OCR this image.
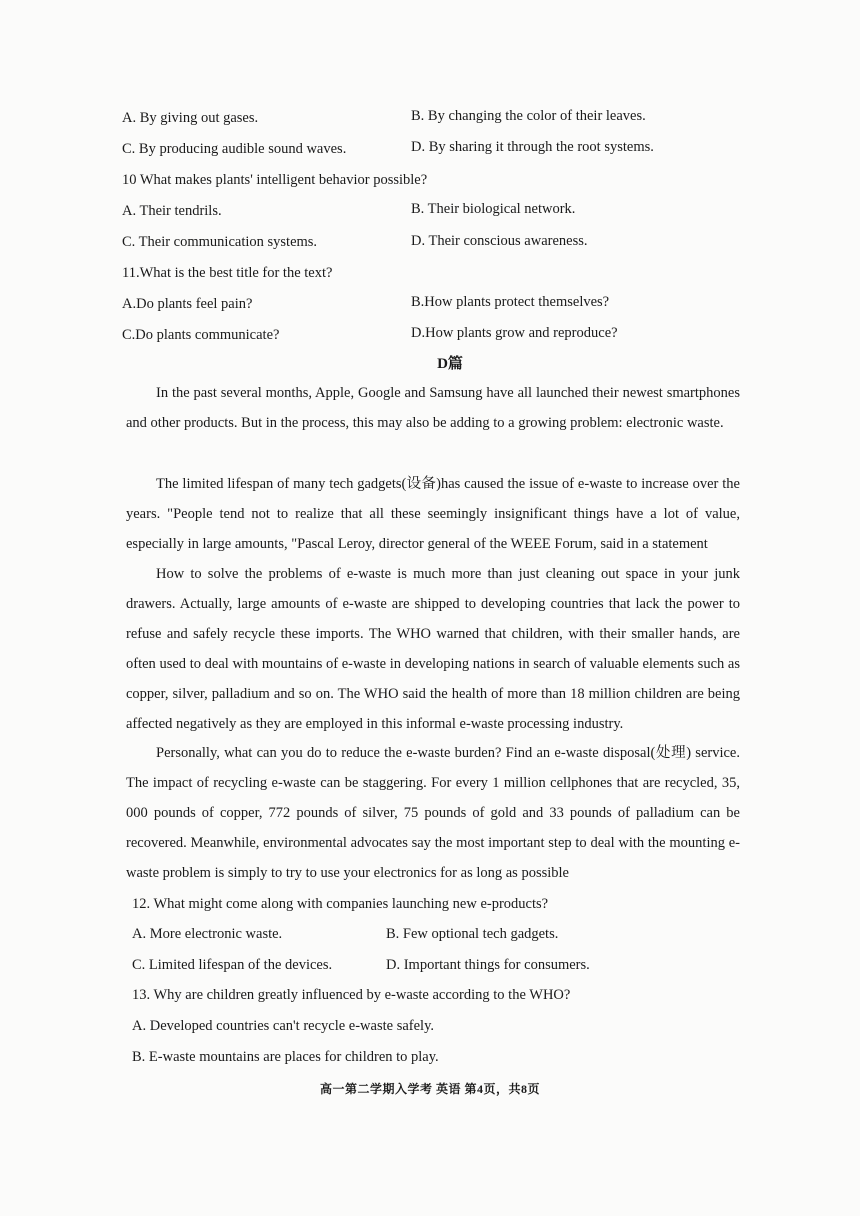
A. By giving out gases.	B. By changing the color of their leaves.
C. By producing audible sound waves.	D. By sharing it through the root systems.
10 What makes plants' intelligent behavior possible?
A. Their tendrils.	B. Their biological network.
C. Their communication systems.	D. Their conscious awareness.
11.What is the best title for the text?
A.Do plants feel pain?	B.How plants protect themselves?
C.Do plants communicate?	D.How plants grow and reproduce?
D篇
In the past several months, Apple, Google and Samsung have all launched their newest smartphones and other products. But in the process, this may also be adding to a growing problem: electronic waste.
The limited lifespan of many tech gadgets(设备)has caused the issue of e-waste to increase over the years. "People tend not to realize that all these seemingly insignificant things have a lot of value, especially in large amounts, "Pascal Leroy, director general of the WEEE Forum, said in a statement
How to solve the problems of e-waste is much more than just cleaning out space in your junk drawers. Actually, large amounts of e-waste are shipped to developing countries that lack the power to refuse and safely recycle these imports. The WHO warned that children, with their smaller hands, are often used to deal with mountains of e-waste in developing nations in search of valuable elements such as copper, silver, palladium and so on. The WHO said the health of more than 18 million children are being affected negatively as they are employed in this informal e-waste processing industry.
Personally, what can you do to reduce the e-waste burden? Find an e-waste disposal(处理) service. The impact of recycling e-waste can be staggering. For every 1 million cellphones that are recycled, 35, 000 pounds of copper, 772 pounds of silver, 75 pounds of gold and 33 pounds of palladium can be recovered. Meanwhile, environmental advocates say the most important step to deal with the mounting e-waste problem is simply to try to use your electronics for as long as possible
12. What might come along with companies launching new e-products?
A. More electronic waste.	B. Few optional tech gadgets.
C. Limited lifespan of the devices.	D. Important things for consumers.
13. Why are children greatly influenced by e-waste according to the WHO?
A. Developed countries can't recycle e-waste safely.
B. E-waste mountains are places for children to play.
高一第二学期入学考 英语 第4页，共8页
